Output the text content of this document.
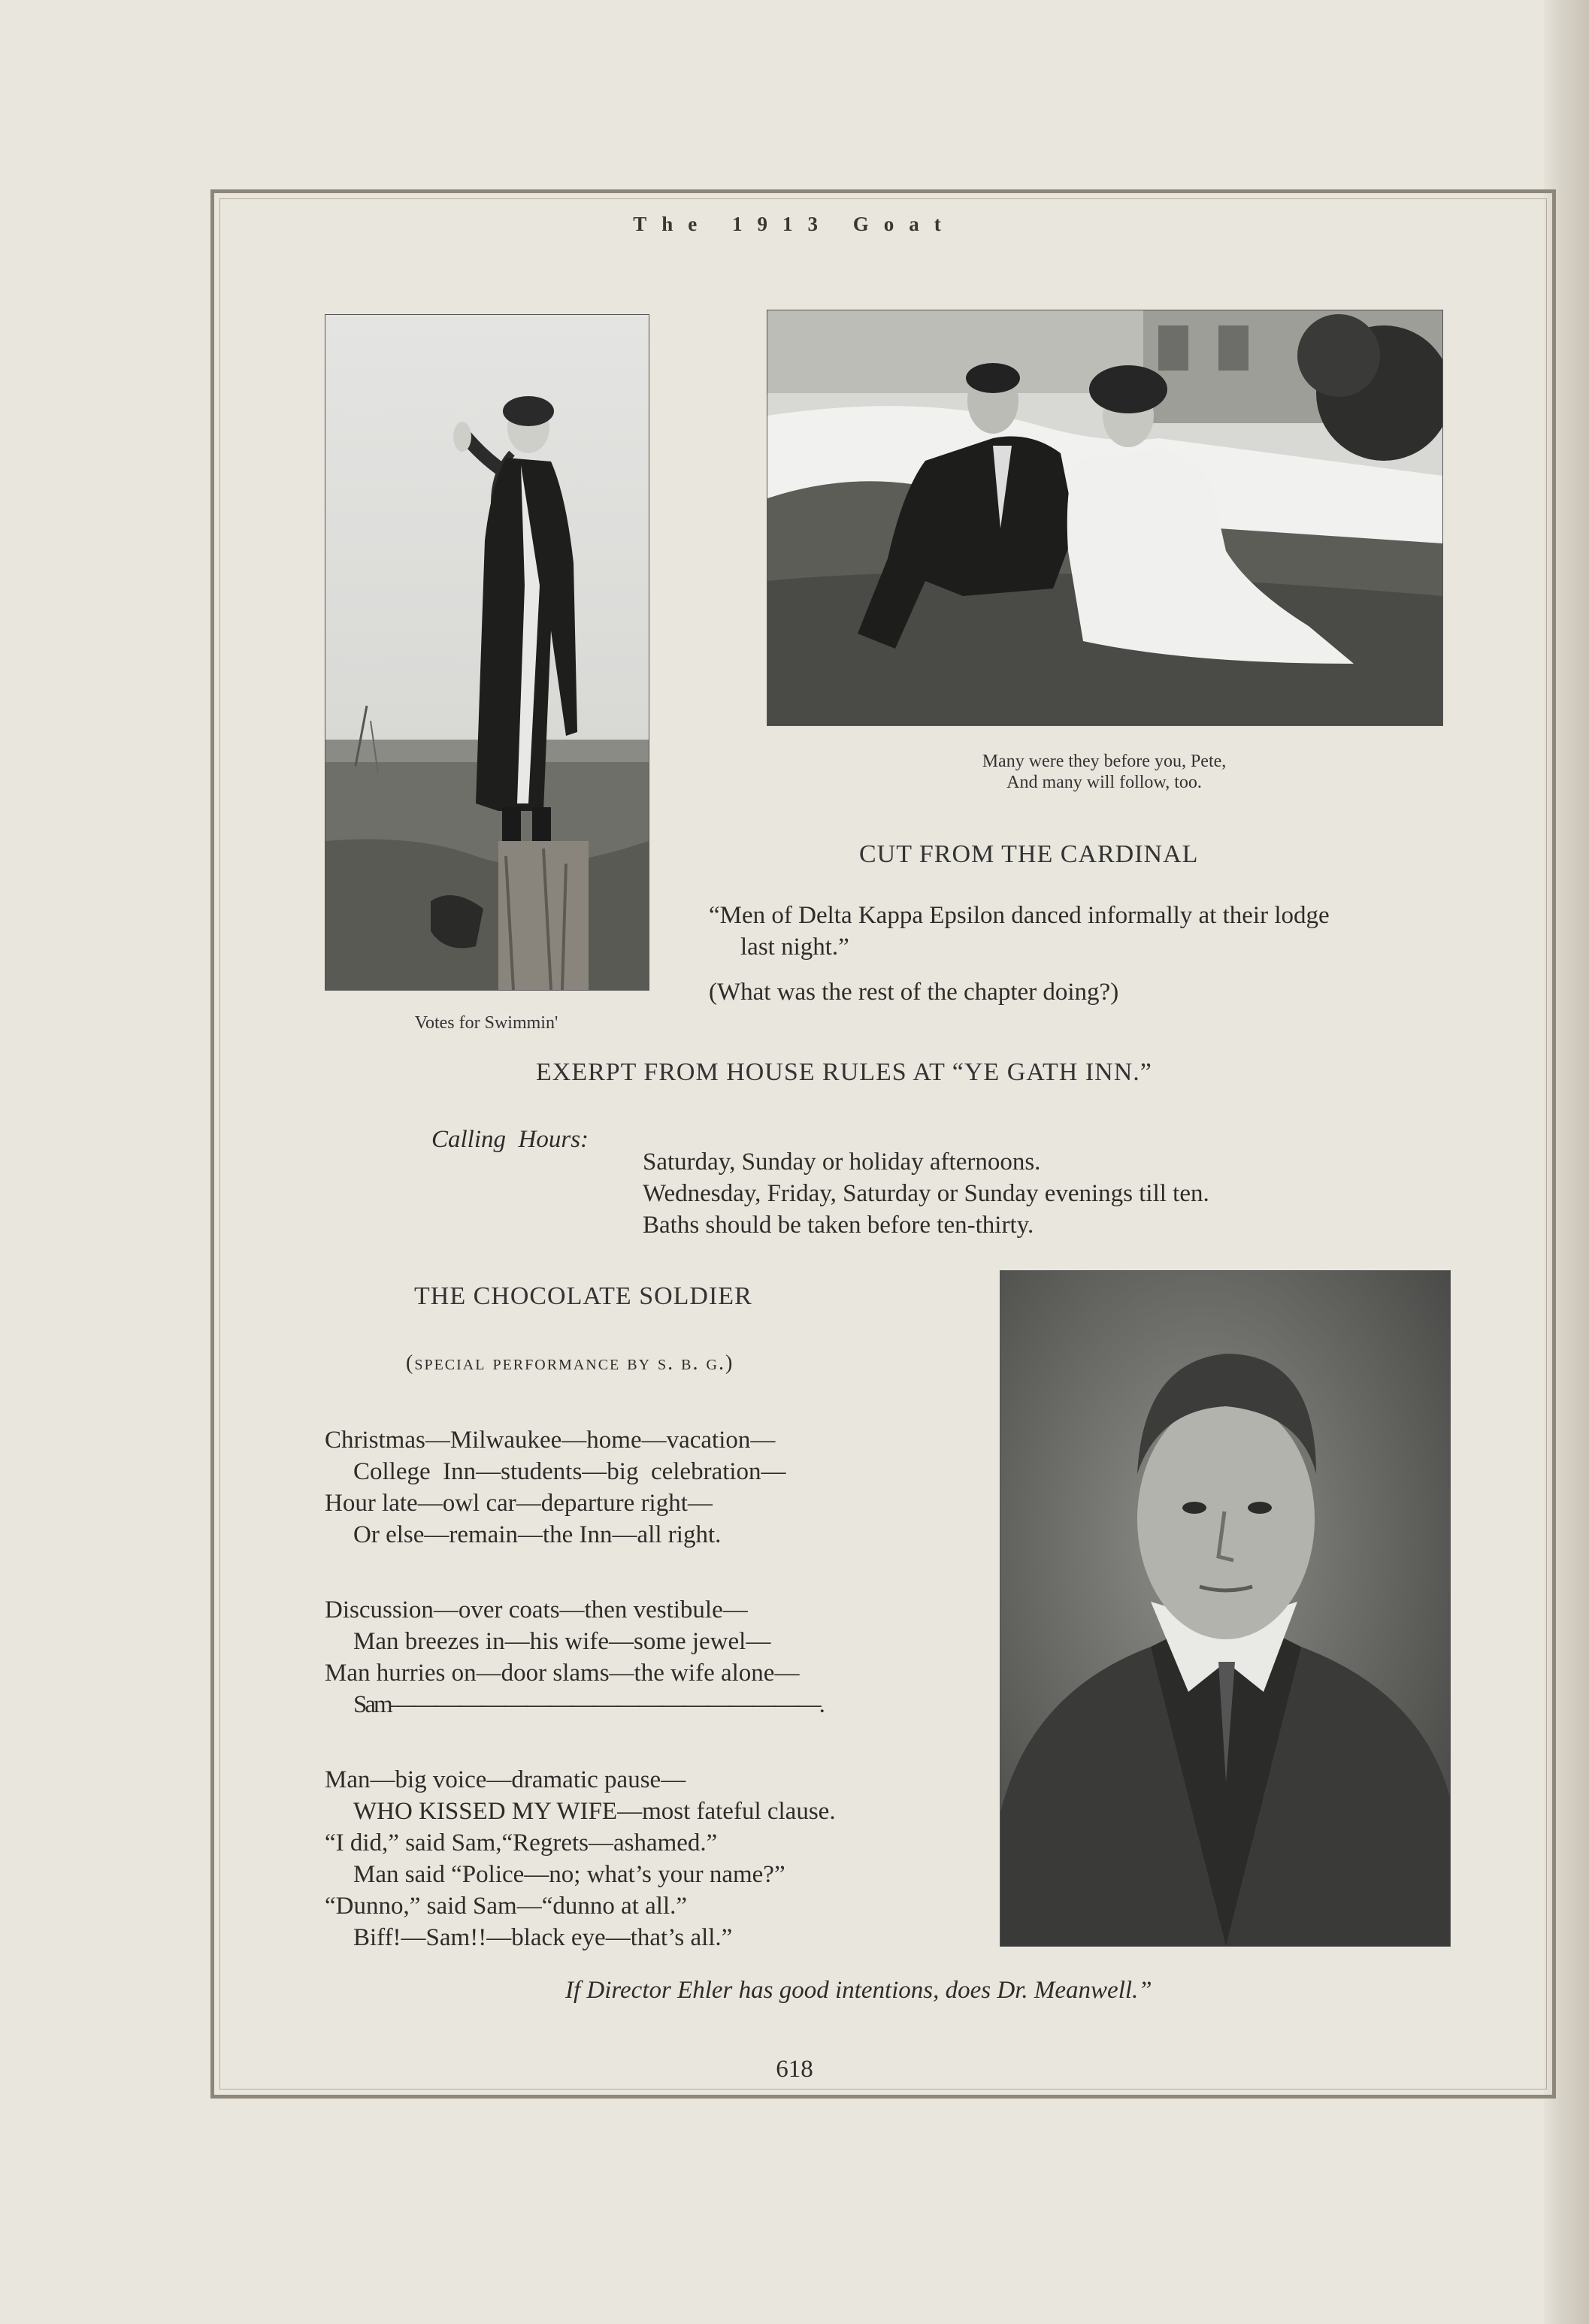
The 1913 Goat
Votes for Swimmin'
Many were they before you, Pete,
And many will follow, too.
CUT FROM THE CARDINAL
“Men of Delta Kappa Epsilon danced informally at their lodge
last night.”
(What was the rest of the chapter doing?)
EXERPT FROM HOUSE RULES AT “YE GATH INN.”
Calling  Hours:
Saturday, Sunday or holiday afternoons.
Wednesday, Friday, Saturday or Sunday evenings till ten.
Baths should be taken before ten-thirty.
THE CHOCOLATE SOLDIER
(special performance by s. b. g.)
Christmas—Milwaukee—home—vacation—
College  Inn—students—big  celebration—
Hour late—owl car—departure right—
Or else—remain—the Inn—all right.
Discussion—over coats—then vestibule—
Man breezes in—his wife—some jewel—
Man hurries on—door slams—the wife alone—
Sam———————————————————.
Man—big voice—dramatic pause—
WHO KISSED MY WIFE—most fateful clause.
“I did,” said Sam,“Regrets—ashamed.”
Man said “Police—no; what’s your name?”
“Dunno,” said Sam—“dunno at all.”
Biff!—Sam!!—black eye—that’s all.”
If Director Ehler has good intentions, does Dr. Meanwell.”
618
